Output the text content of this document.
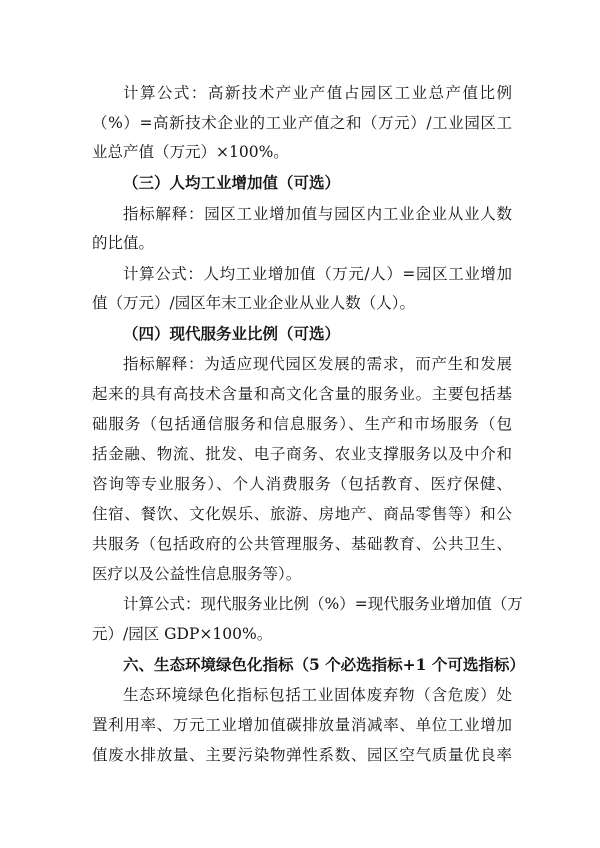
计算公式：高新技术产业产值占园区工业总产值比例
（%）=高新技术企业的工业产值之和（万元）/工业园区工
业总产值（万元）×100%。
（三）人均工业增加值（可选）
指标解释：园区工业增加值与园区内工业企业从业人数
的比值。
计算公式：人均工业增加值（万元/人）=园区工业增加
值（万元）/园区年末工业企业从业人数（人）。
（四）现代服务业比例（可选）
指标解释：为适应现代园区发展的需求，而产生和发展
起来的具有高技术含量和高文化含量的服务业。主要包括基
础服务（包括通信服务和信息服务）、生产和市场服务（包
括金融、物流、批发、电子商务、农业支撑服务以及中介和
咨询等专业服务）、个人消费服务（包括教育、医疗保健、
住宿、餐饮、文化娱乐、旅游、房地产、商品零售等）和公
共服务（包括政府的公共管理服务、基础教育、公共卫生、
医疗以及公益性信息服务等）。
计算公式：现代服务业比例（%）=现代服务业增加值（万
元）/园区 GDP×100%。
六、生态环境绿色化指标（5 个必选指标+1 个可选指标）
生态环境绿色化指标包括工业固体废弃物（含危废）处
置利用率、万元工业增加值碳排放量消减率、单位工业增加
值废水排放量、主要污染物弹性系数、园区空气质量优良率
